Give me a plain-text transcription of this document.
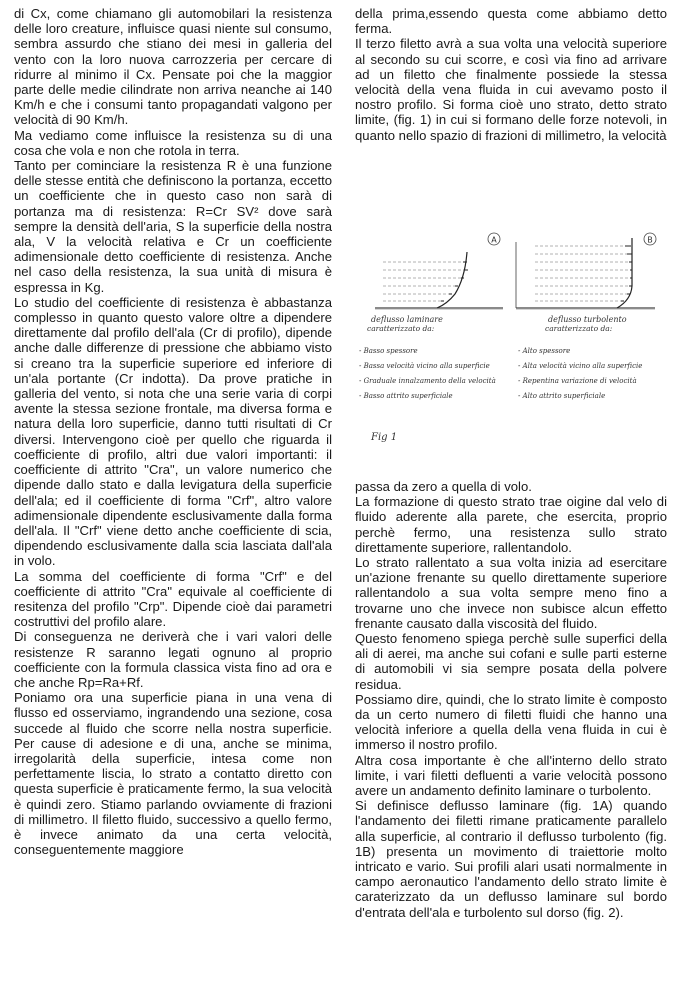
di Cx, come chiamano gli automobilari la resistenza delle loro creature, influisce quasi niente sul consumo, sembra assurdo che stiano dei mesi in galleria del vento con la loro nuova carrozzeria per cercare di ridurre al minimo il Cx. Pensate poi che la maggior parte delle medie cilindrate non arriva neanche ai 140 Km/h e che i consumi tanto propagandati valgono per velocità di 90 Km/h.

Ma vediamo come influisce la resistenza su di una cosa che vola e non che rotola in terra.

Tanto per cominciare la resistenza R è una funzione delle stesse entità che definiscono la portanza, eccetto un coefficiente che in questo caso non sarà di portanza ma di resistenza: R=Cr SV² dove sarà sempre la densità dell'aria, S la superficie della nostra ala, V la velocità relativa e Cr un coefficiente adimensionale detto coefficiente di resistenza. Anche nel caso della resistenza, la sua unità di misura è espressa in Kg.

Lo studio del coefficiente di resistenza è abbastanza complesso in quanto questo valore oltre a dipendere direttamente dal profilo dell'ala (Cr di profilo), dipende anche dalle differenze di pressione che abbiamo visto si creano tra la superficie superiore ed inferiore di un'ala portante (Cr indotta). Da prove pratiche in galleria del vento, si nota che una serie varia di corpi avente la stessa sezione frontale, ma diversa forma e natura della loro superficie, danno tutti risultati di Cr diversi. Intervengono cioè per quello che riguarda il coefficiente di profilo, altri due valori importanti: il coefficiente di attrito "Cra", un valore numerico che dipende dallo stato e dalla levigatura della superficie dell'ala; ed il coefficiente di forma "Crf", altro valore adimensionale dipendente esclusivamente dalla forma dell'ala. Il "Crf" viene detto anche coefficiente di scia, dipendendo esclusivamente dalla scia lasciata dall'ala in volo.

La somma del coefficiente di forma "Crf" e del coefficiente di attrito "Cra" equivale al coefficiente di resitenza del profilo "Crp". Dipende cioè dai parametri costruttivi del profilo alare.

Di conseguenza ne deriverà che i vari valori delle resistenze R saranno legati ognuno al proprio coefficiente con la formula classica vista fino ad ora e che anche Rp=Ra+Rf.

Poniamo ora una superficie piana in una vena di flusso ed osserviamo, ingrandendo una sezione, cosa succede al fluido che scorre nella nostra superficie. Per cause di adesione e di una, anche se minima, irregolarità della superficie, intesa come non perfettamente liscia, lo strato a contatto diretto con questa superficie è praticamente fermo, la sua velocità è quindi zero. Stiamo parlando ovviamente di frazioni di millimetro. Il filetto fluido, successivo a quello fermo, è invece animato da una certa velocità, conseguentemente maggiore

della prima,essendo questa come abbiamo detto ferma.

Il terzo filetto avrà a sua volta una velocità superiore al secondo su cui scorre, e così via fino ad arrivare ad un filetto che finalmente possiede la stessa velocità della vena fluida in cui avevamo posto il nostro profilo. Si forma cioè uno strato, detto strato limite, (fig. 1) in cui si formano delle forze notevoli, in quanto nello spazio di frazioni di millimetro, la velocità

A	B
deflusso laminare
caratterizzato da:
deflusso turbolento
caratterizzato da:
- Basso spessore
- Bassa velocità vicino alla superficie
- Graduale innalzamento della velocità
- Basso attrito superficiale
- Alto spessore
- Alta velocità vicino alla superficie
- Repentina variazione di velocità
- Alto attrito superficiale
Fig 1

passa da zero a quella di volo.

La formazione di questo strato trae oigine dal velo di fluido aderente alla parete, che esercita, proprio perchè fermo, una resistenza sullo strato direttamente superiore, rallentandolo.

Lo strato rallentato a sua volta inizia ad esercitare un'azione frenante su quello direttamente superiore rallentandolo a sua volta sempre meno fino a trovarne uno che invece non subisce alcun effetto frenante causato dalla viscosità del fluido.

Questo fenomeno spiega perchè sulle superfici della ali di aerei, ma anche sui cofani e sulle parti esterne di automobili vi sia sempre posata della polvere residua.

Possiamo dire, quindi, che lo strato limite è composto da un certo numero di filetti fluidi che hanno una velocità inferiore a quella della vena fluida in cui è immerso il nostro profilo.

Altra cosa importante è che all'interno dello strato limite, i vari filetti defluenti a varie velocità possono avere un andamento definito laminare o turbolento.

Si definisce deflusso laminare (fig. 1A) quando l'andamento dei filetti rimane praticamente parallelo alla superficie, al contrario il deflusso turbolento (fig. 1B) presenta un movimento di traiettorie molto intricato e vario. Sui profili alari usati normalmente in campo aeronautico l'andamento dello strato limite è caraterizzato da un deflusso laminare sul bordo d'entrata dell'ala e turbolento sul dorso (fig. 2).
